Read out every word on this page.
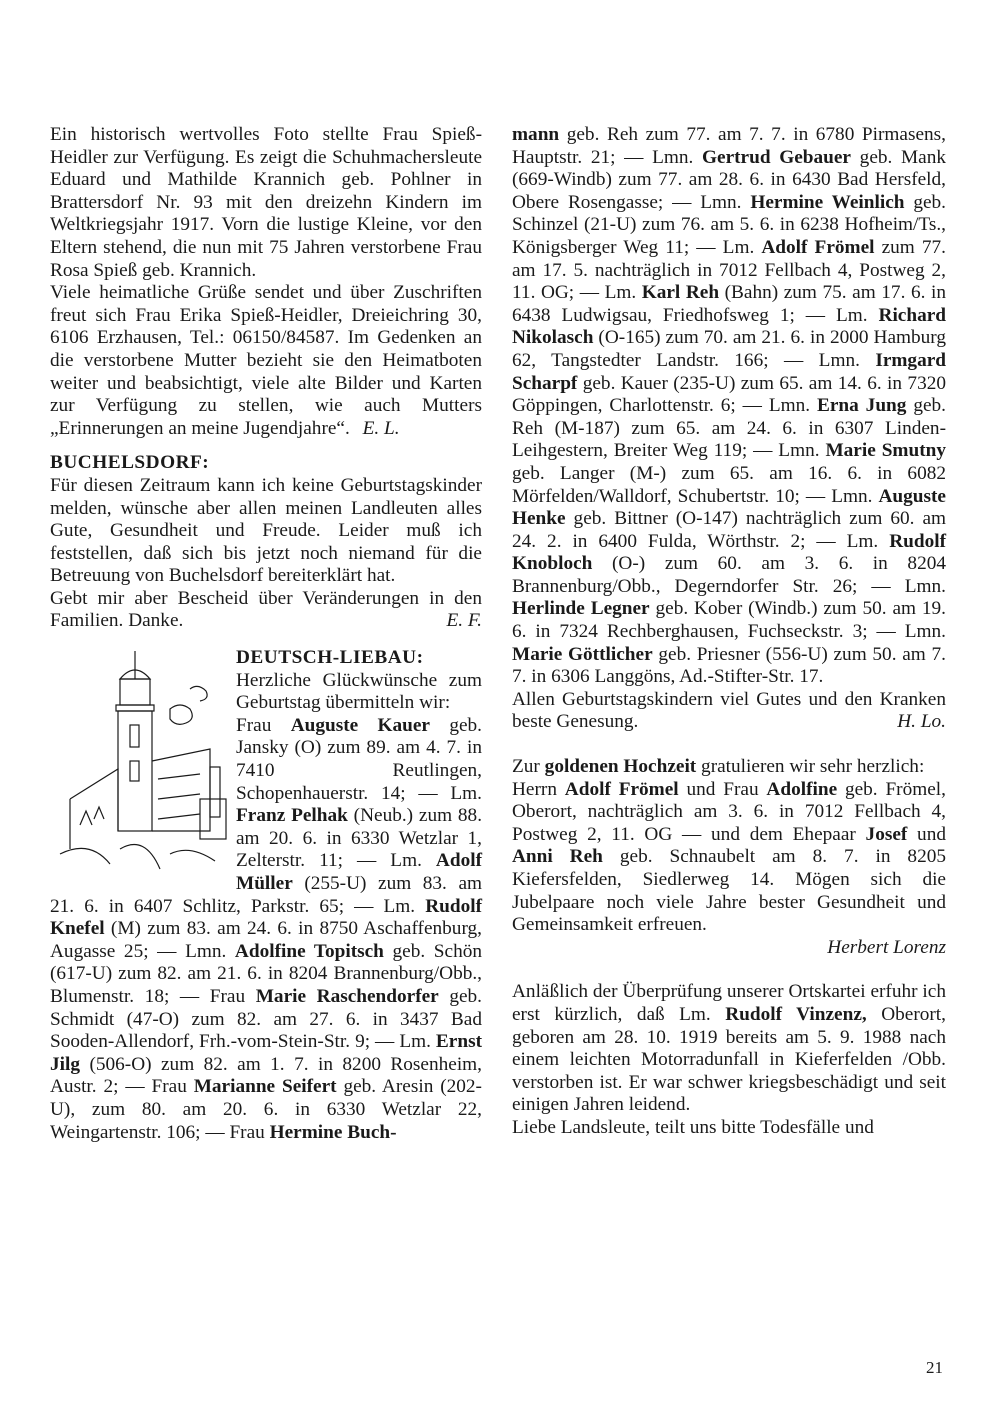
Ein historisch wertvolles Foto stellte Frau Spieß-Heidler zur Verfügung. Es zeigt die Schuhmachersleute Eduard und Mathilde Krannich geb. Pohlner in Brattersdorf Nr. 93 mit den dreizehn Kindern im Weltkriegsjahr 1917. Vorn die lustige Kleine, vor den Eltern stehend, die nun mit 75 Jahren verstorbene Frau Rosa Spieß geb. Krannich.

Viele heimatliche Grüße sendet und über Zuschriften freut sich Frau Erika Spieß-Heidler, Dreieichring 30, 6106 Erzhausen, Tel.: 06150/84587. Im Gedenken an die verstorbene Mutter bezieht sie den Heimatboten weiter und beabsichtigt, viele alte Bilder und Karten zur Verfügung zu stellen, wie auch Mutters „Erinnerungen an meine Jugendjahre“. E. L.

BUCHELSDORF:

Für diesen Zeitraum kann ich keine Geburtstagskinder melden, wünsche aber allen meinen Landleuten alles Gute, Gesundheit und Freude. Leider muß ich feststellen, daß sich bis jetzt noch niemand für die Betreuung von Buchelsdorf bereiterklärt hat.

Gebt mir aber Bescheid über Veränderungen in den Familien. Danke.	E. F.

DEUTSCH-LIEBAU:

Herzliche Glückwünsche zum Geburtstag übermitteln wir:

Frau Auguste Kauer geb. Jansky (O) zum 89. am 4. 7. in 7410 Reutlingen, Schopenhauerstr. 14; — Lm. Franz Pelhak (Neub.) zum 88. am 20. 6. in 6330 Wetzlar 1, Zelterstr. 11; — Lm. Adolf Müller (255-U) zum 83. am 21. 6. in 6407 Schlitz, Parkstr. 65; — Lm. Rudolf Knefel (M) zum 83. am 24. 6. in 8750 Aschaffenburg, Augasse 25; — Lmn. Adolfine Topitsch geb. Schön (617-U) zum 82. am 21. 6. in 8204 Brannenburg/Obb., Blumenstr. 18; — Frau Marie Raschendorfer geb. Schmidt (47-O) zum 82. am 27. 6. in 3437 Bad Sooden-Allendorf, Frh.-vom-Stein-Str. 9; — Lm. Ernst Jilg (506-O) zum 82. am 1. 7. in 8200 Rosenheim, Austr. 2; — Frau Marianne Seifert geb. Aresin (202-U), zum 80. am 20. 6. in 6330 Wetzlar 22, Weingartenstr. 106; — Frau Hermine Buch-

mann geb. Reh zum 77. am 7. 7. in 6780 Pirmasens, Hauptstr. 21; — Lmn. Gertrud Gebauer geb. Mank (669-Windb) zum 77. am 28. 6. in 6430 Bad Hersfeld, Obere Rosengasse; — Lmn. Hermine Weinlich geb. Schinzel (21-U) zum 76. am 5. 6. in 6238 Hofheim/Ts., Königsberger Weg 11; — Lm. Adolf Frömel zum 77. am 17. 5. nachträglich in 7012 Fellbach 4, Postweg 2, 11. OG; — Lm. Karl Reh (Bahn) zum 75. am 17. 6. in 6438 Ludwigsau, Friedhofsweg 1; — Lm. Richard Nikolasch (O-165) zum 70. am 21. 6. in 2000 Hamburg 62, Tangstedter Landstr. 166; — Lmn. Irmgard Scharpf geb. Kauer (235-U) zum 65. am 14. 6. in 7320 Göppingen, Charlottenstr. 6; — Lmn. Erna Jung geb. Reh (M-187) zum 65. am 24. 6. in 6307 Linden-Leihgestern, Breiter Weg 119; — Lmn. Marie Smutny geb. Langer (M-) zum 65. am 16. 6. in 6082 Mörfelden/Walldorf, Schubertstr. 10; — Lmn. Auguste Henke geb. Bittner (O-147) nachträglich zum 60. am 24. 2. in 6400 Fulda, Wörthstr. 2; — Lm. Rudolf Knobloch (O-) zum 60. am 3. 6. in 8204 Brannenburg/Obb., Degerndorfer Str. 26; — Lmn. Herlinde Legner geb. Kober (Windb.) zum 50. am 19. 6. in 7324 Rechberghausen, Fuchseckstr. 3; — Lmn. Marie Göttlicher geb. Priesner (556-U) zum 50. am 7. 7. in 6306 Langgöns, Ad.-Stifter-Str. 17.

Allen Geburtstagskindern viel Gutes und den Kranken beste Genesung.	H. Lo.

Zur goldenen Hochzeit gratulieren wir sehr herzlich:

Herrn Adolf Frömel und Frau Adolfine geb. Frömel, Oberort, nachträglich am 3. 6. in 7012 Fellbach 4, Postweg 2, 11. OG — und dem Ehepaar Josef und Anni Reh geb. Schnaubelt am 8. 7. in 8205 Kiefersfelden, Siedlerweg 14. Mögen sich die Jubelpaare noch viele Jahre bester Gesundheit und Gemeinsamkeit erfreuen.

Herbert Lorenz

Anläßlich der Überprüfung unserer Ortskartei erfuhr ich erst kürzlich, daß Lm. Rudolf Vinzenz, Oberort, geboren am 28. 10. 1919 bereits am 5. 9. 1988 nach einem leichten Motorradunfall in Kieferfelden /Obb. verstorben ist. Er war schwer kriegsbeschädigt und seit einigen Jahren leidend.

Liebe Landsleute, teilt uns bitte Todesfälle und

21
